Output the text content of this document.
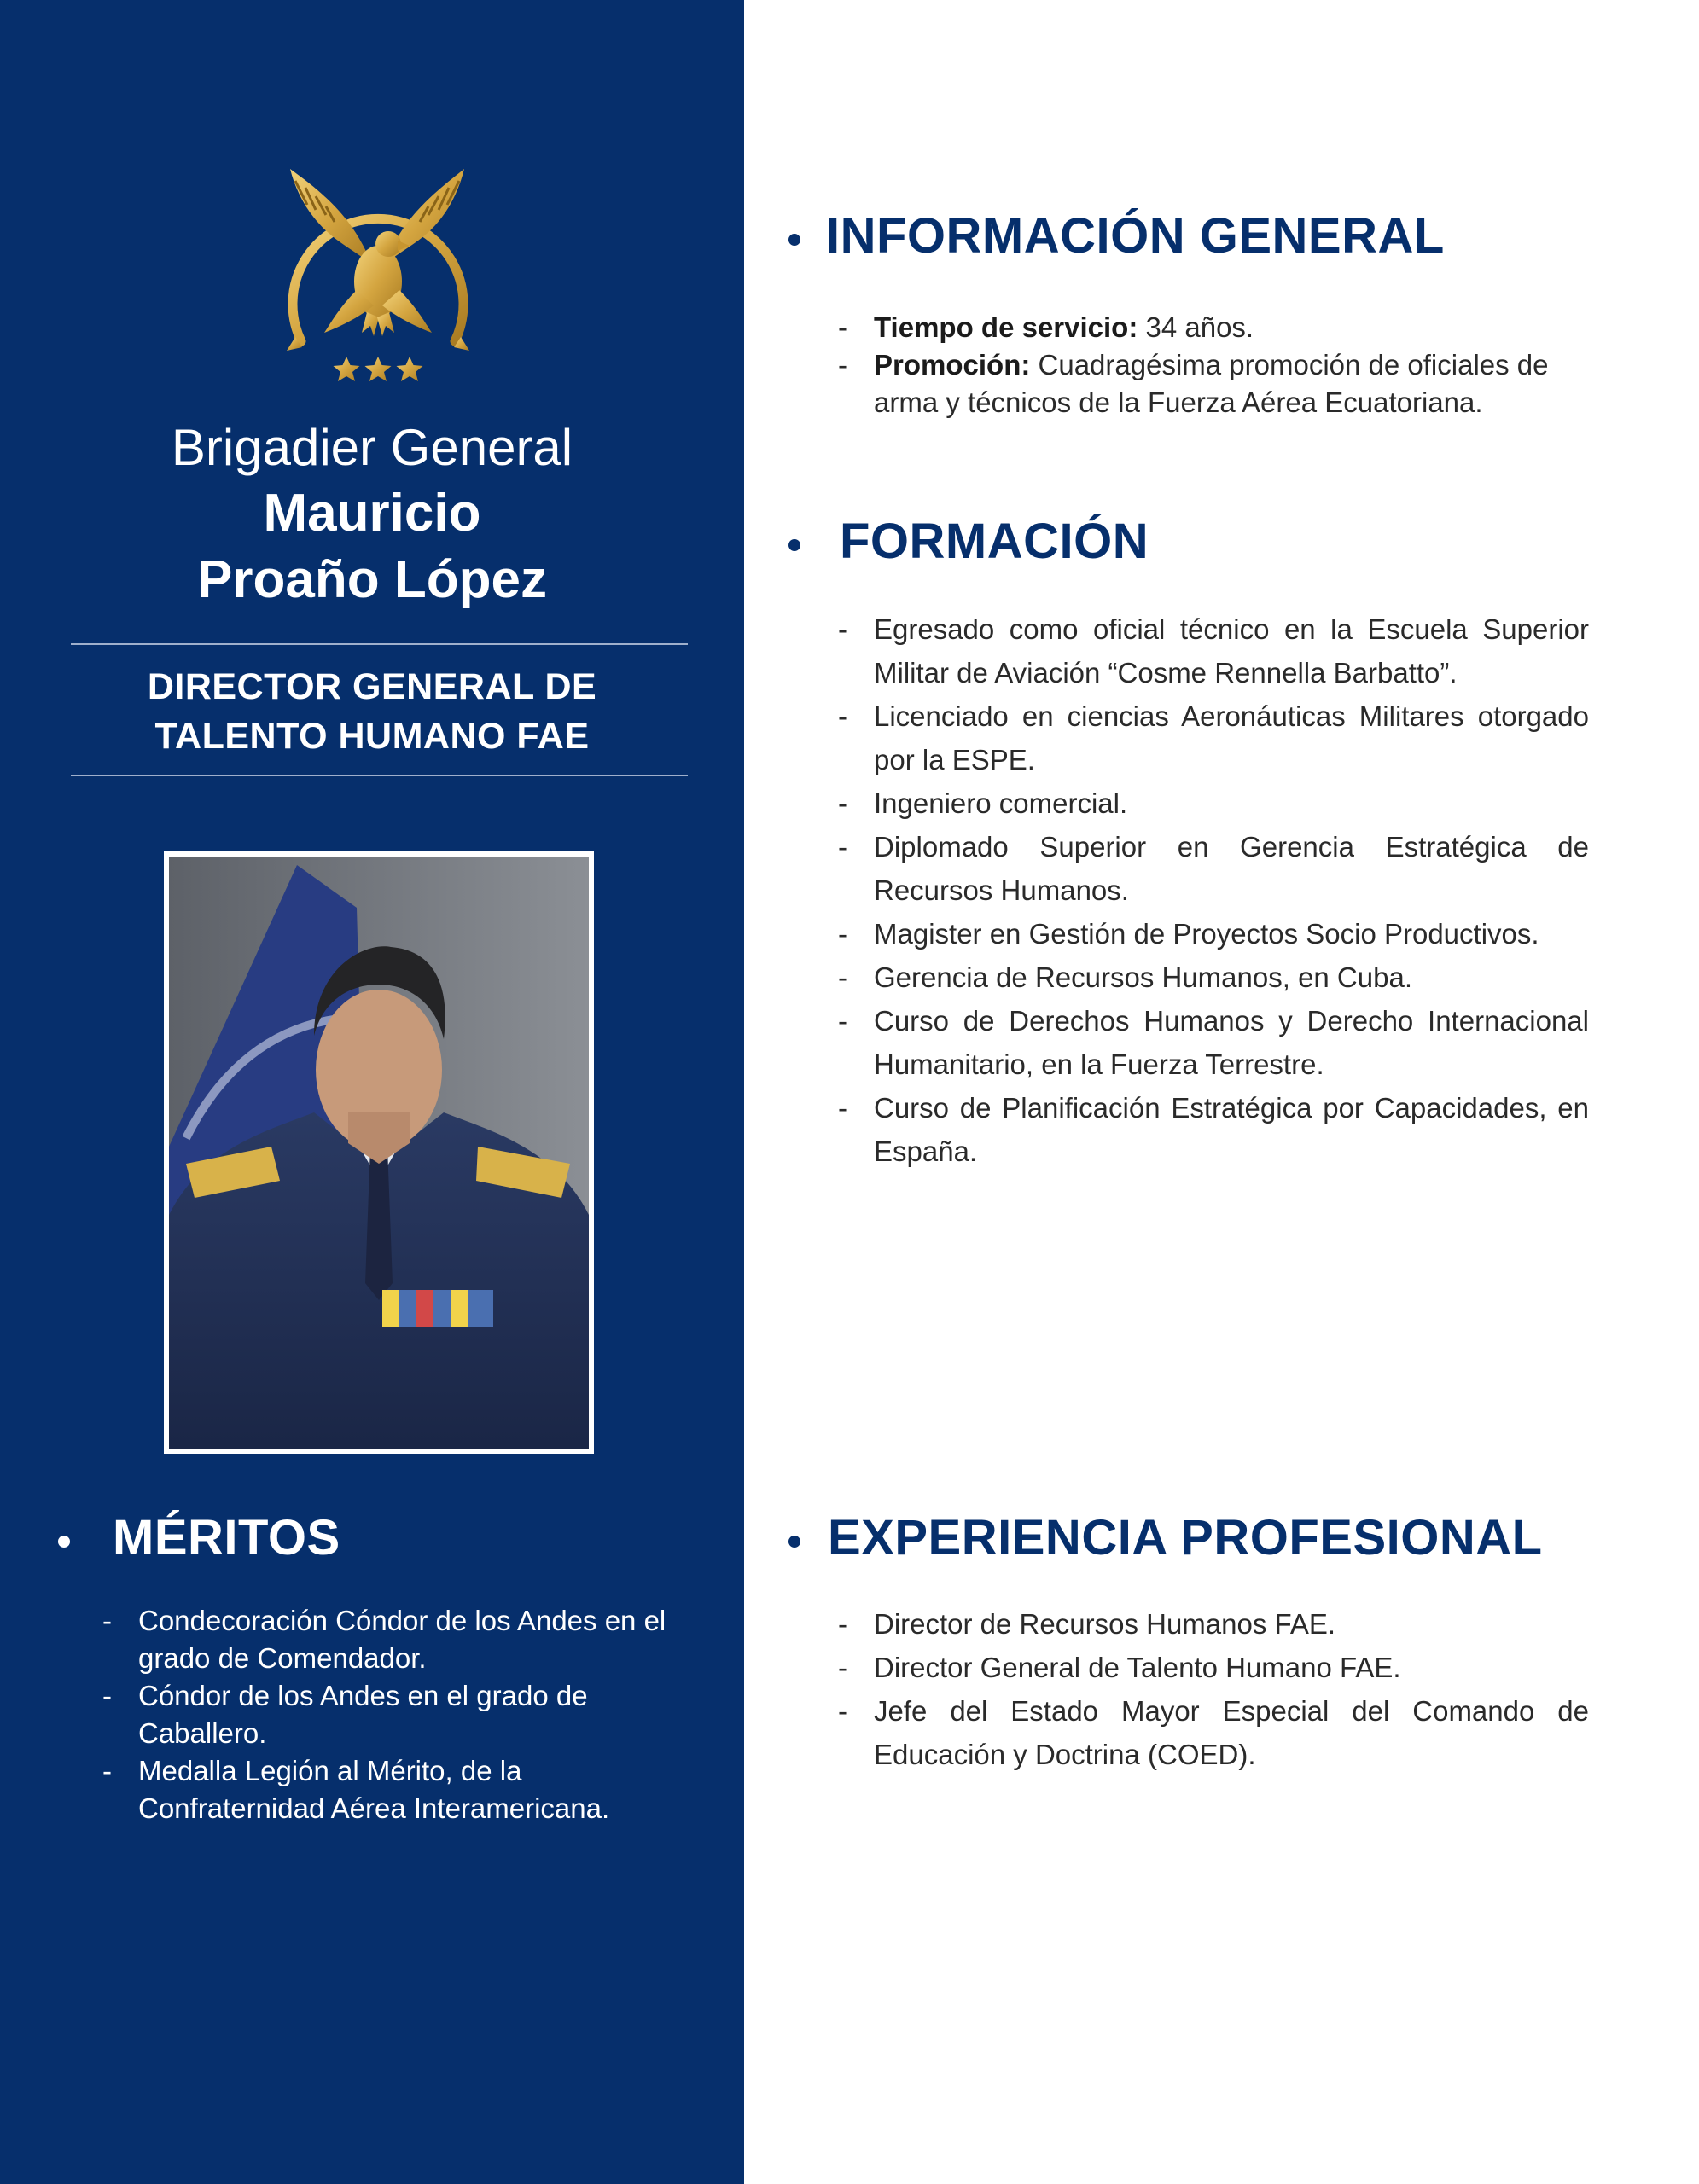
Brigadier General
Mauricio
Proaño López
DIRECTOR GENERAL DE
TALENTO HUMANO FAE
INFORMACIÓN GENERAL
- Tiempo de servicio: 34 años.
- Promoción: Cuadragésima promoción de oficiales de arma y técnicos de la Fuerza Aérea Ecuatoriana.
FORMACIÓN
- Egresado como oficial técnico en la Escuela Superior Militar de Aviación “Cosme Rennella Barbatto”.
- Licenciado en ciencias Aeronáuticas Militares otorgado por la ESPE.
- Ingeniero comercial.
- Diplomado Superior en Gerencia Estratégica de Recursos Humanos.
- Magister en Gestión de Proyectos Socio Productivos.
- Gerencia de Recursos Humanos, en Cuba.
- Curso de Derechos Humanos y Derecho Internacional Humanitario, en la Fuerza Terrestre.
- Curso de Planificación Estratégica por Capacidades, en España.
MÉRITOS
- Condecoración Cóndor de los Andes en el grado de Comendador.
- Cóndor de los Andes en el grado de Caballero.
- Medalla Legión al Mérito, de la Confraternidad Aérea Interamericana.
EXPERIENCIA PROFESIONAL
- Director de Recursos Humanos FAE.
- Director General de Talento Humano FAE.
- Jefe del Estado Mayor Especial del Comando de Educación y Doctrina (COED).
